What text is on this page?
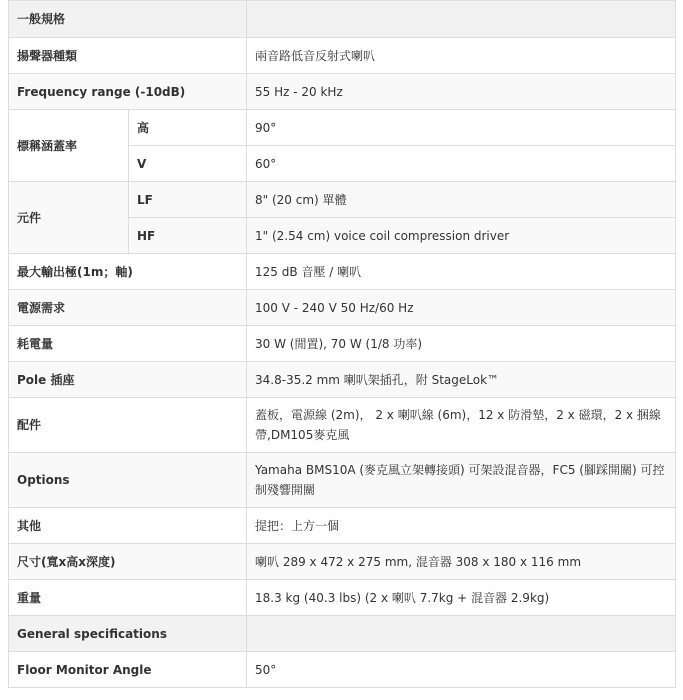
一般規格		
揚聲器種類		兩音路低音反射式喇叭
Frequency range (-10dB)		55 Hz - 20 kHz
標稱涵蓋率	高	90°
	V	60°
元件	LF	8" (20 cm) 單體
	HF	1" (2.54 cm) voice coil compression driver
最大輸出極(1m；軸)		125 dB 音壓 / 喇叭
電源需求		100 V - 240 V 50 Hz/60 Hz
耗電量		30 W (閒置), 70 W (1/8 功率)
Pole 插座		34.8-35.2 mm 喇叭架插孔，附 StageLok™
配件		蓋板，電源線 (2m)， 2 x 喇叭線 (6m)，12 x 防滑墊，2 x 磁環，2 x 捆線帶,DM105麥克風
Options		Yamaha BMS10A (麥克風立架轉接頭) 可架設混音器，FC5 (腳踩開關) 可控制殘響開關
其他		提把：上方一個
尺寸(寬x高x深度)		喇叭 289 x 472 x 275 mm, 混音器 308 x 180 x 116 mm
重量		18.3 kg (40.3 lbs) (2 x 喇叭 7.7kg + 混音器 2.9kg)
General specifications		
Floor Monitor Angle		50°
